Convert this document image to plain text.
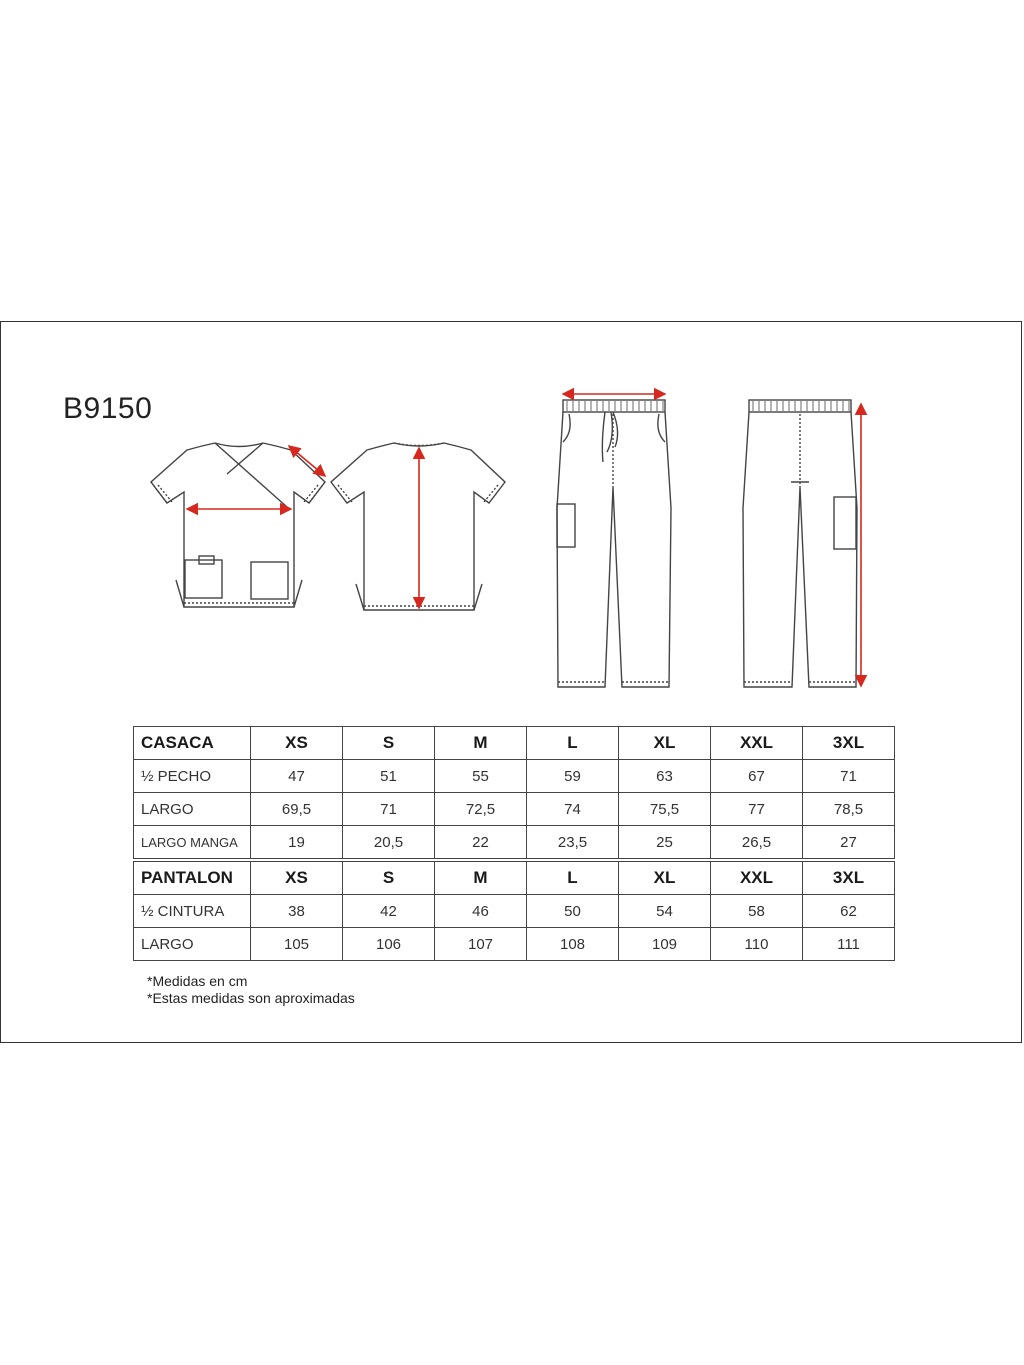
B9150
CASACA	XS	S	M	L	XL	XXL	3XL
½ PECHO	47	51	55	59	63	67	71
LARGO	69,5	71	72,5	74	75,5	77	78,5
LARGO MANGA	19	20,5	22	23,5	25	26,5	27

PANTALON	XS	S	M	L	XL	XXL	3XL
½ CINTURA	38	42	46	50	54	58	62
LARGO	105	106	107	108	109	110	111
*Medidas en cm
*Estas medidas son aproximadas
